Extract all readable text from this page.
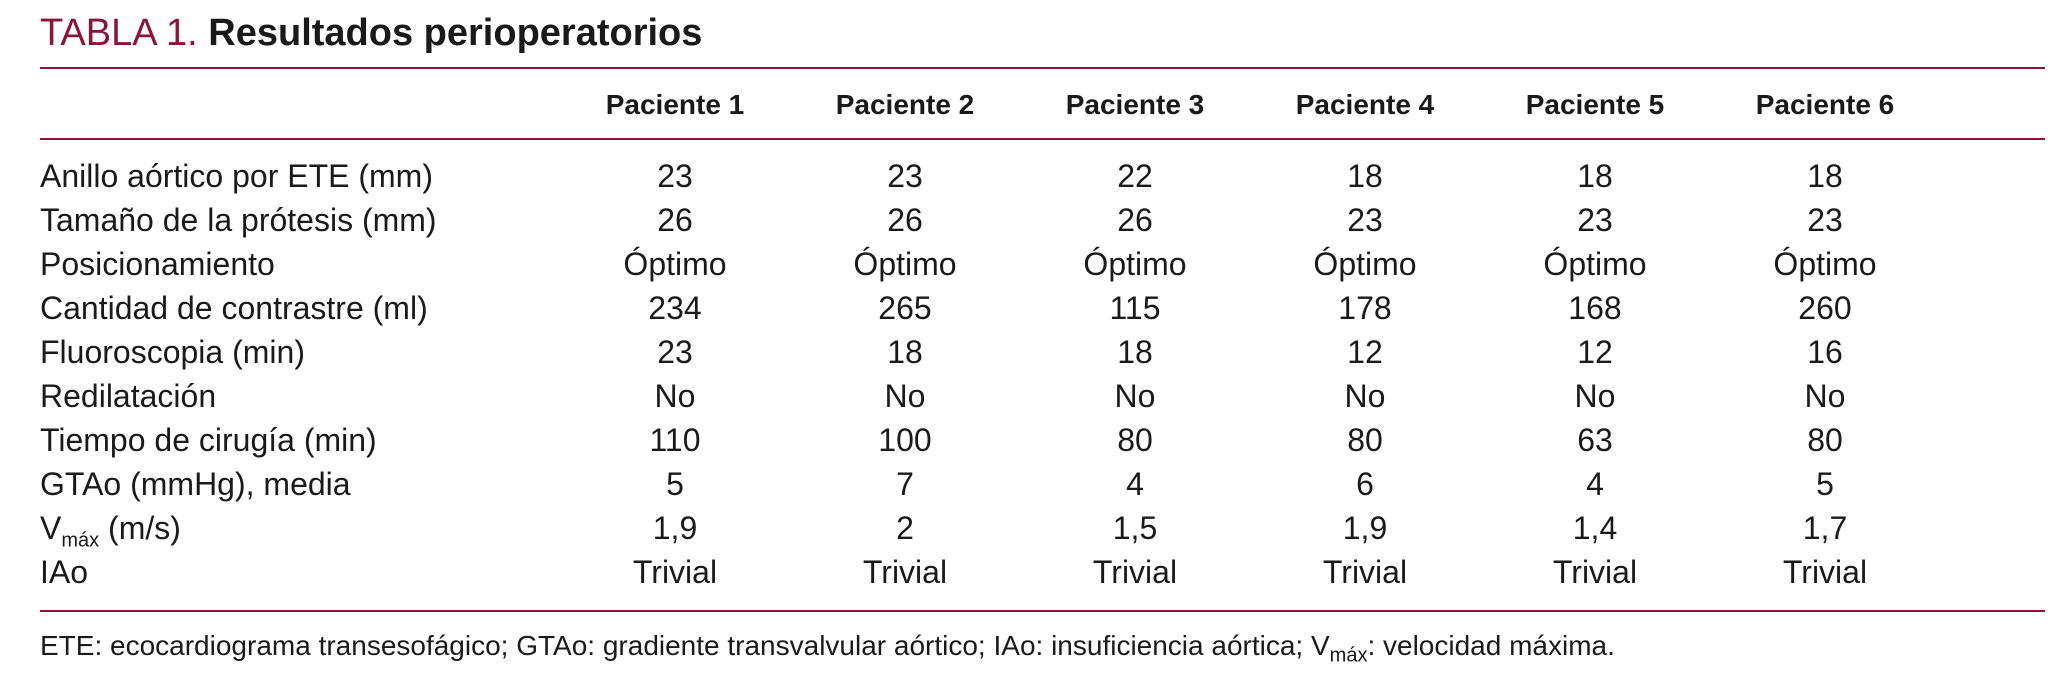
TABLA 1. Resultados perioperatorios
	Paciente 1	Paciente 2	Paciente 3	Paciente 4	Paciente 5	Paciente 6

Anillo aórtico por ETE (mm)	23	23	22	18	18	18
Tamaño de la prótesis (mm)	26	26	26	23	23	23
Posicionamiento	Óptimo	Óptimo	Óptimo	Óptimo	Óptimo	Óptimo
Cantidad de contrastre (ml)	234	265	115	178	168	260
Fluoroscopia (min)	23	18	18	12	12	16
Redilatación	No	No	No	No	No	No
Tiempo de cirugía (min)	110	100	80	80	63	80
GTAo (mmHg), media	5	7	4	6	4	5
$V_{máx}$ (m/s)	1,9	2	1,5	1,9	1,4	1,7
IAo	Trivial	Trivial	Trivial	Trivial	Trivial	Trivial
ETE: ecocardiograma transesofágico; GTAo: gradiente transvalvular aórtico; IAo: insuficiencia aórtica; $V_{máx}$: velocidad máxima.
